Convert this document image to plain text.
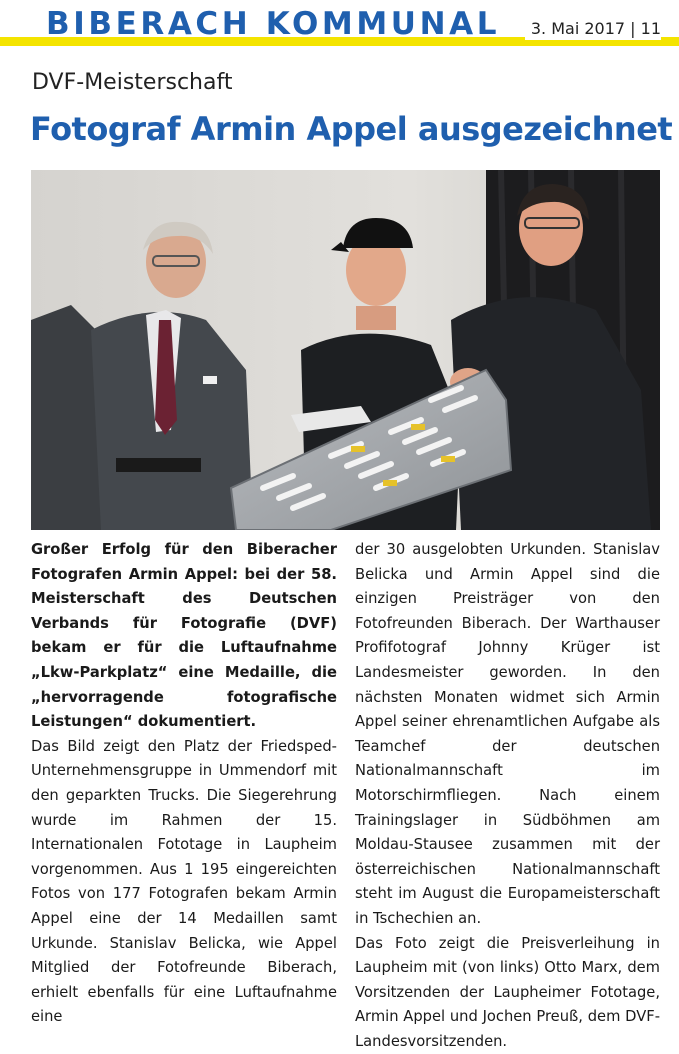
BIBERACH KOMMUNAL	3. Mai 2017 | 11
DVF-Meisterschaft
Fotograf Armin Appel ausgezeichnet

Großer Erfolg für den Biberacher Fotografen Armin Appel: bei der 58. Meisterschaft des Deutschen Verbands für Fotografie (DVF) bekam er für die Luftaufnahme „Lkw-Parkplatz“ eine Medaille, die „hervorragende fotografische Leistungen“ dokumentiert.

Das Bild zeigt den Platz der Friedsped-Unternehmensgruppe in Ummendorf mit den geparkten Trucks. Die Siegerehrung wurde im Rahmen der 15. Internationalen Fototage in Laupheim vorgenommen. Aus 1 195 eingereichten Fotos von 177 Fotografen bekam Armin Appel eine der 14 Medaillen samt Urkunde. Stanislav Belicka, wie Appel Mitglied der Fotofreunde Biberach, erhielt ebenfalls für eine Luftaufnahme eine

der 30 ausgelobten Urkunden. Stanislav Belicka und Armin Appel sind die einzigen Preisträger von den Fotofreunden Biberach. Der Warthauser Profifotograf Johnny Krüger ist Landesmeister geworden. In den nächsten Monaten widmet sich Armin Appel seiner ehrenamtlichen Aufgabe als Teamchef der deutschen Nationalmannschaft im Motorschirmfliegen. Nach einem Trainingslager in Südböhmen am Moldau-Stausee zusammen mit der österreichischen Nationalmannschaft steht im August die Europameisterschaft in Tschechien an.

Das Foto zeigt die Preisverleihung in Laupheim mit (von links) Otto Marx, dem Vorsitzenden der Laupheimer Fototage, Armin Appel und Jochen Preuß, dem DVF-Landesvorsitzenden.
